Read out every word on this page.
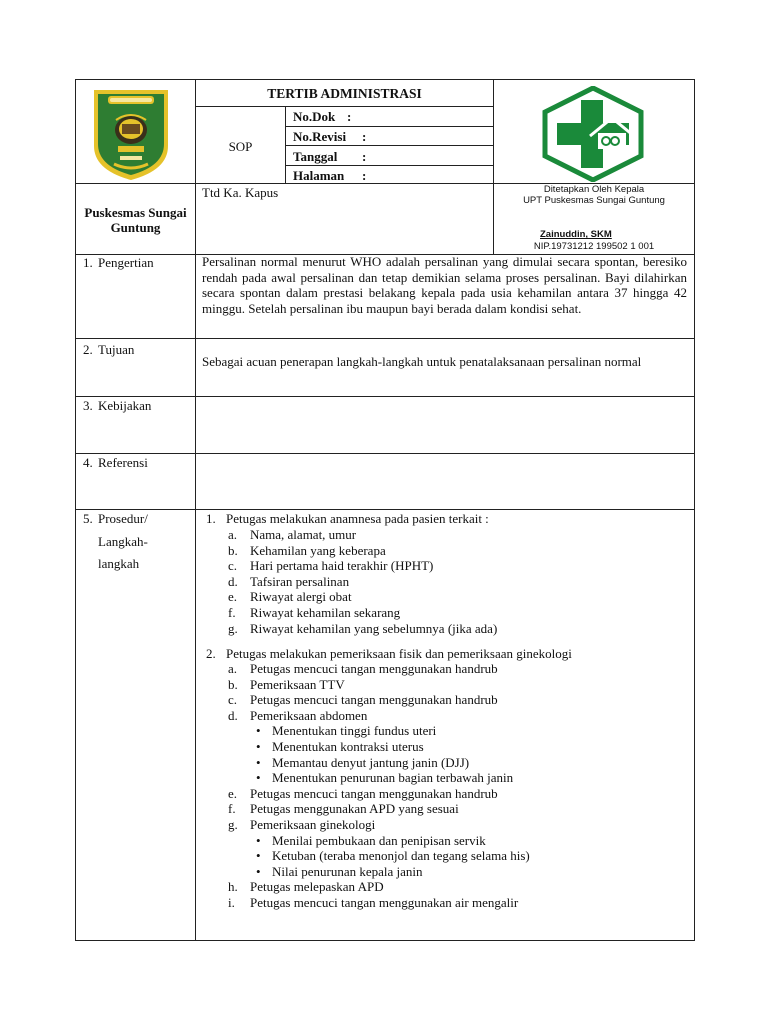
TERTIB ADMINISTRASI
SOP
No.Dok :
No.Revisi :
Tanggal :
Halaman :
Puskesmas Sungai Guntung
Ttd Ka. Kapus	Ditetapkan Oleh Kepala
UPT Puskesmas Sungai Guntung
Zainuddin, SKM
NIP.19731212 199502 1 001
1. Pengertian	Persalinan normal menurut WHO adalah persalinan yang dimulai secara spontan, beresiko rendah pada awal persalinan dan tetap demikian selama proses persalinan. Bayi dilahirkan secara spontan dalam prestasi belakang kepala pada usia kehamilan antara 37 hingga 42 minggu. Setelah persalinan ibu maupun bayi berada dalam kondisi sehat.
2. Tujuan
Sebagai acuan penerapan langkah-langkah untuk penatalaksanaan persalinan normal
3. Kebijakan
4. Referensi
5. Prosedur/
Langkah-
langkah
1. Petugas melakukan anamnesa pada pasien terkait :
a. Nama, alamat, umur
b. Kehamilan yang keberapa
c. Hari pertama haid terakhir (HPHT)
d. Tafsiran persalinan
e. Riwayat alergi obat
f. Riwayat kehamilan sekarang
g. Riwayat kehamilan yang sebelumnya (jika ada)
2. Petugas melakukan pemeriksaan fisik dan pemeriksaan ginekologi
a. Petugas mencuci tangan menggunakan handrub
b. Pemeriksaan TTV
c. Petugas mencuci tangan menggunakan handrub
d. Pemeriksaan abdomen
• Menentukan tinggi fundus uteri
• Menentukan kontraksi uterus
• Memantau denyut jantung janin (DJJ)
• Menentukan penurunan bagian terbawah janin
e. Petugas mencuci tangan menggunakan handrub
f. Petugas menggunakan APD yang sesuai
g. Pemeriksaan ginekologi
• Menilai pembukaan dan penipisan servik
• Ketuban (teraba menonjol dan tegang selama his)
• Nilai penurunan kepala janin
h. Petugas melepaskan APD
i. Petugas mencuci tangan menggunakan air mengalir
